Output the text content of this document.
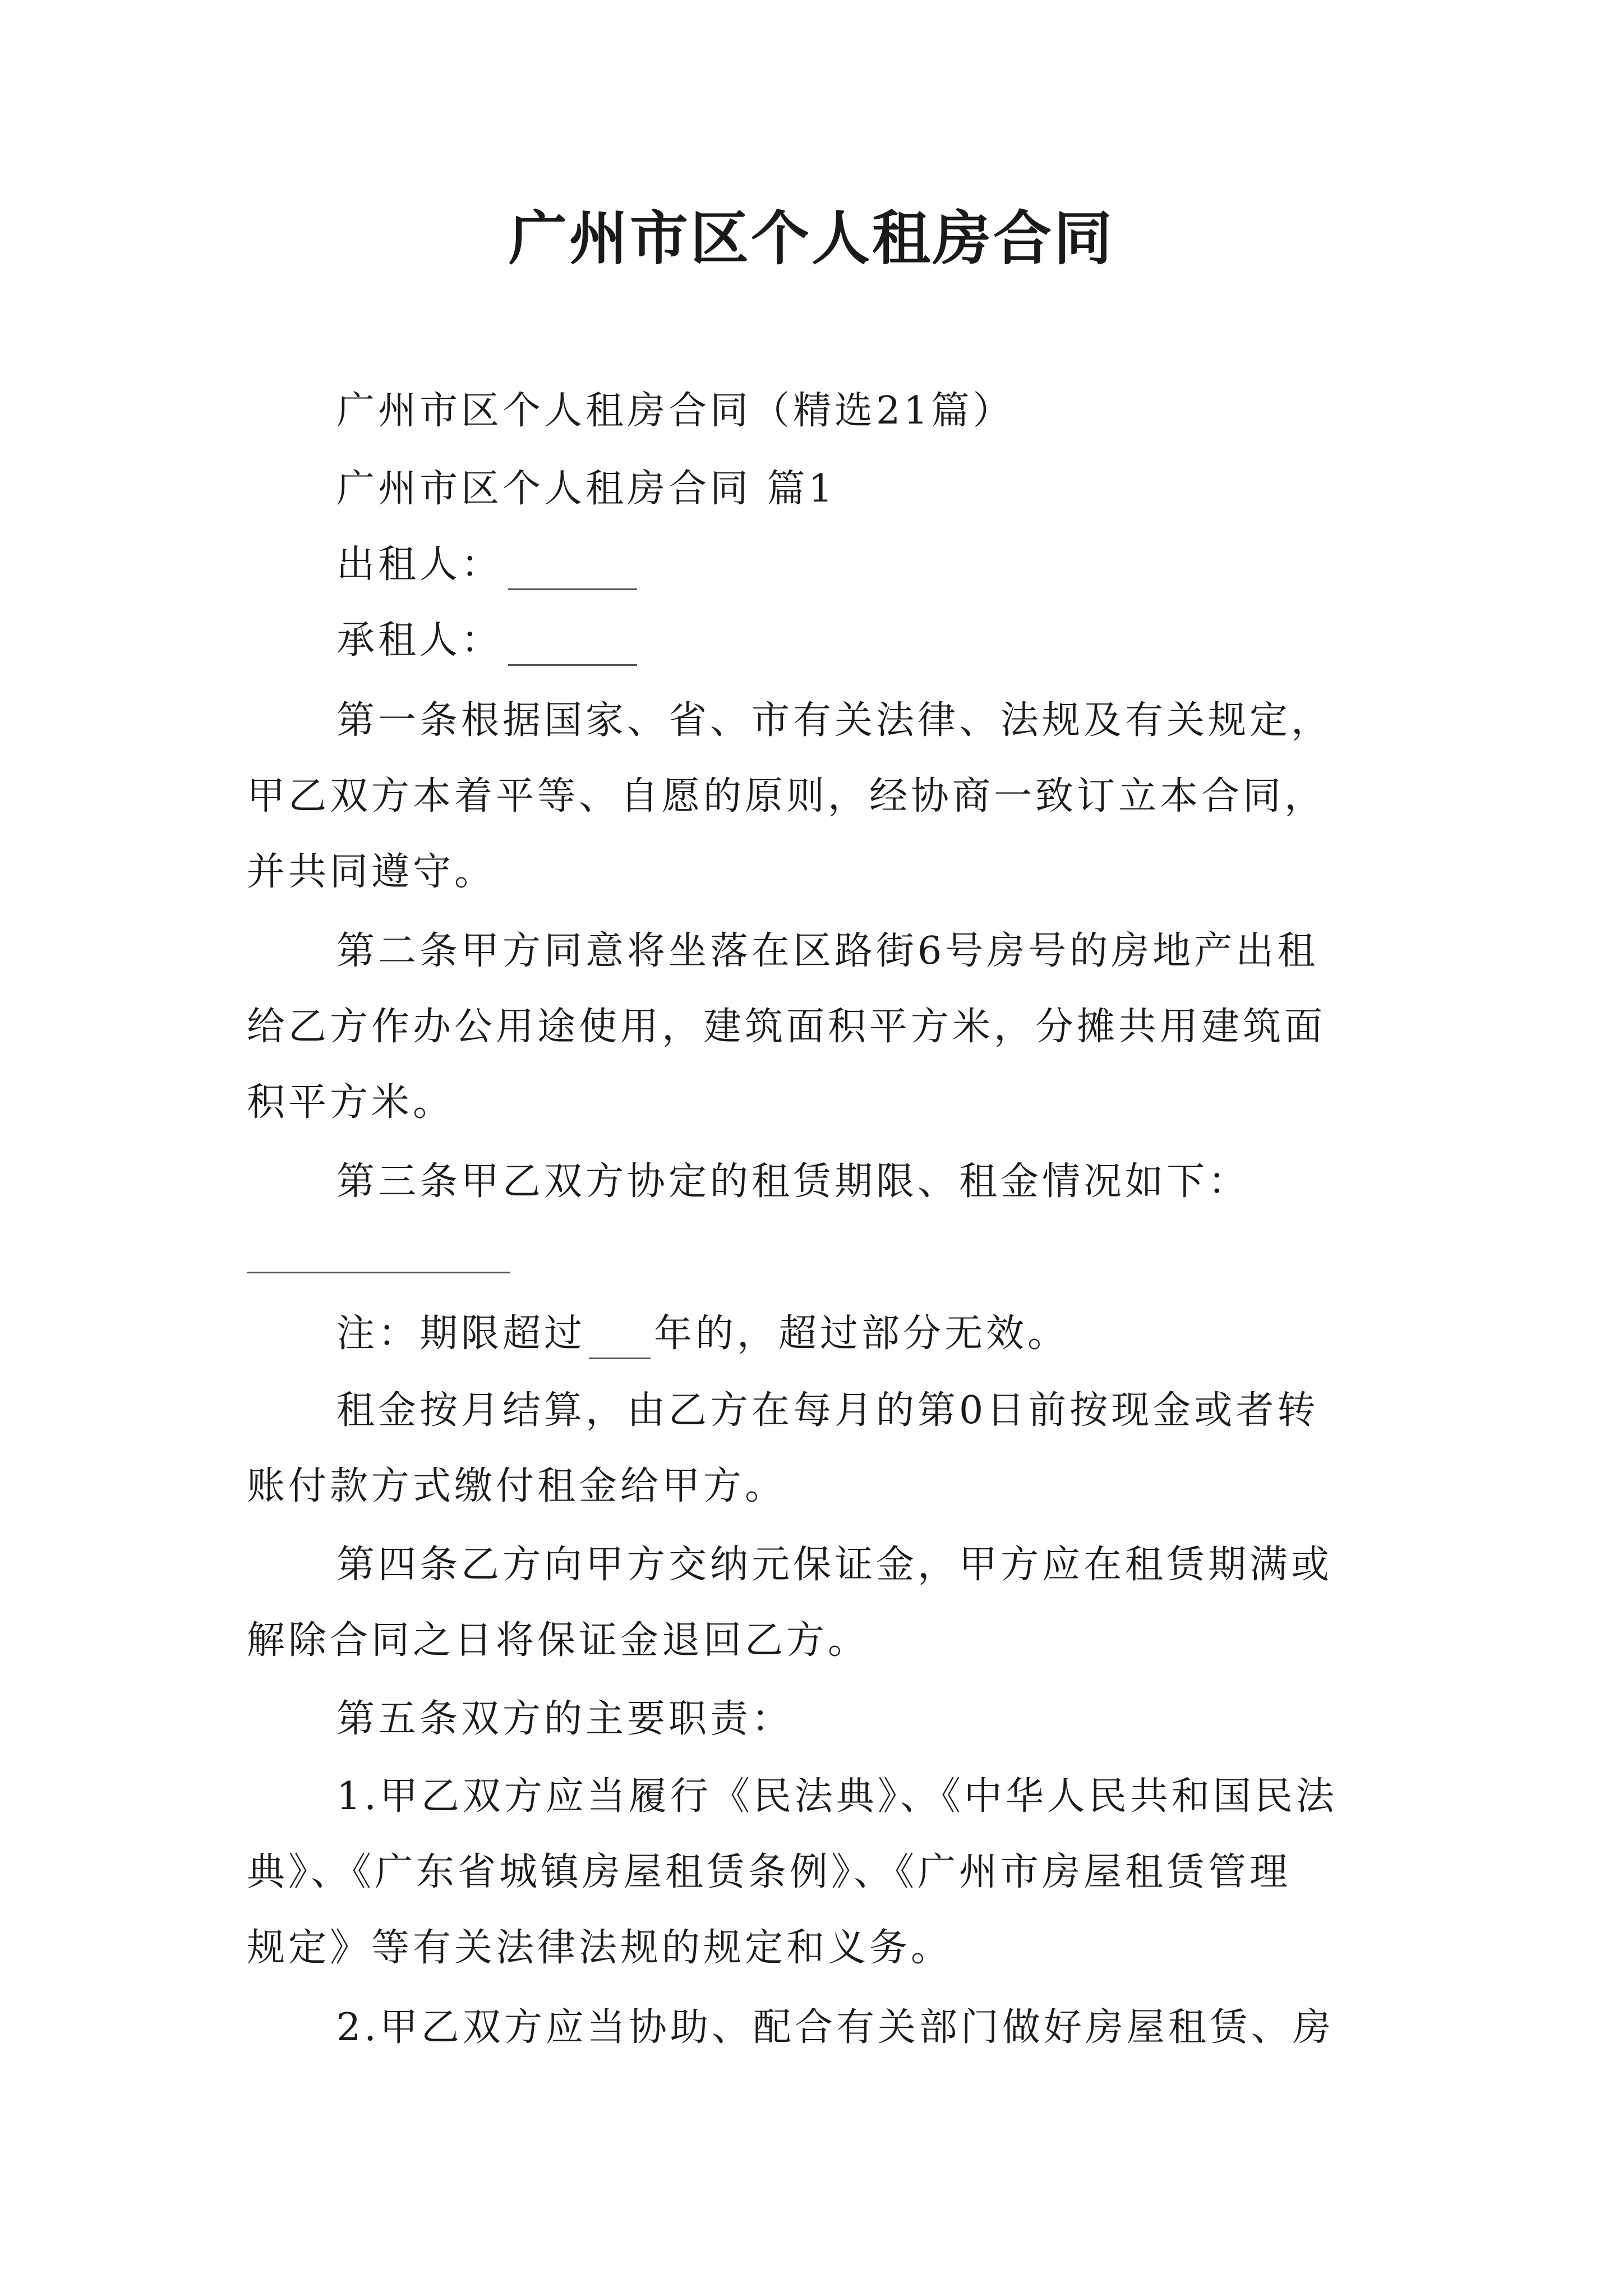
广州市区个人租房合同
广州市区个人租房合同（精选21篇）
广州市区个人租房合同 篇1
出租人：
承租人：
第一条根据国家、省、市有关法律、法规及有关规定，
甲乙双方本着平等、自愿的原则，经协商一致订立本合同，
并共同遵守。
第二条甲方同意将坐落在区路街6号房号的房地产出租
给乙方作办公用途使用，建筑面积平方米，分摊共用建筑面
积平方米。
第三条甲乙双方协定的租赁期限、租金情况如下：
注：期限超过 年的，超过部分无效。
租金按月结算，由乙方在每月的第0日前按现金或者转
账付款方式缴付租金给甲方。
第四条乙方向甲方交纳元保证金，甲方应在租赁期满或
解除合同之日将保证金退回乙方。
第五条双方的主要职责：
1.甲乙双方应当履行《民法典》、《中华人民共和国民法
典》、《广东省城镇房屋租赁条例》、《广州市房屋租赁管理
规定》等有关法律法规的规定和义务。
2.甲乙双方应当协助、配合有关部门做好房屋租赁、房
